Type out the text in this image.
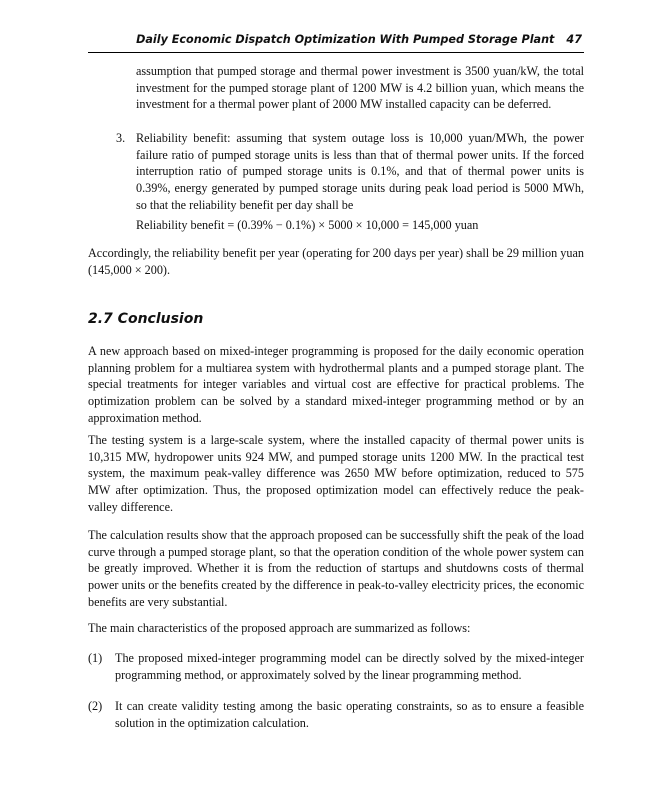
Daily Economic Dispatch Optimization With Pumped Storage Plant 47

assumption that pumped storage and thermal power investment is 3500 yuan/kW, the total investment for the pumped storage plant of 1200 MW is 4.2 billion yuan, which means the investment for a thermal power plant of 2000 MW installed capacity can be deferred.

3. Reliability benefit: assuming that system outage loss is 10,000 yuan/MWh, the power failure ratio of pumped storage units is less than that of thermal power units. If the forced interruption ratio of pumped storage units is 0.1%, and that of thermal power units is 0.39%, energy generated by pumped storage units during peak load period is 5000 MWh, so that the reliability benefit per day shall be

Reliability benefit = (0.39% − 0.1%) × 5000 × 10,000 = 145,000 yuan

Accordingly, the reliability benefit per year (operating for 200 days per year) shall be 29 million yuan (145,000 × 200).

2.7 Conclusion

A new approach based on mixed-integer programming is proposed for the daily economic operation planning problem for a multiarea system with hydrothermal plants and a pumped storage plant. The special treatments for integer variables and virtual cost are effective for practical problems. The optimization problem can be solved by a standard mixed-integer programming method or by an approximation method.

The testing system is a large-scale system, where the installed capacity of thermal power units is 10,315 MW, hydropower units 924 MW, and pumped storage units 1200 MW. In the practical test system, the maximum peak-valley difference was 2650 MW before optimization, reduced to 575 MW after optimization. Thus, the proposed optimization model can effectively reduce the peak-valley difference.

The calculation results show that the approach proposed can be successfully shift the peak of the load curve through a pumped storage plant, so that the operation condition of the whole power system can be greatly improved. Whether it is from the reduction of startups and shutdowns costs of thermal power units or the benefits created by the difference in peak-to-valley electricity prices, the economic benefits are very substantial.

The main characteristics of the proposed approach are summarized as follows:

(1) The proposed mixed-integer programming model can be directly solved by the mixed-integer programming method, or approximately solved by the linear programming method.

(2) It can create validity testing among the basic operating constraints, so as to ensure a feasible solution in the optimization calculation.
